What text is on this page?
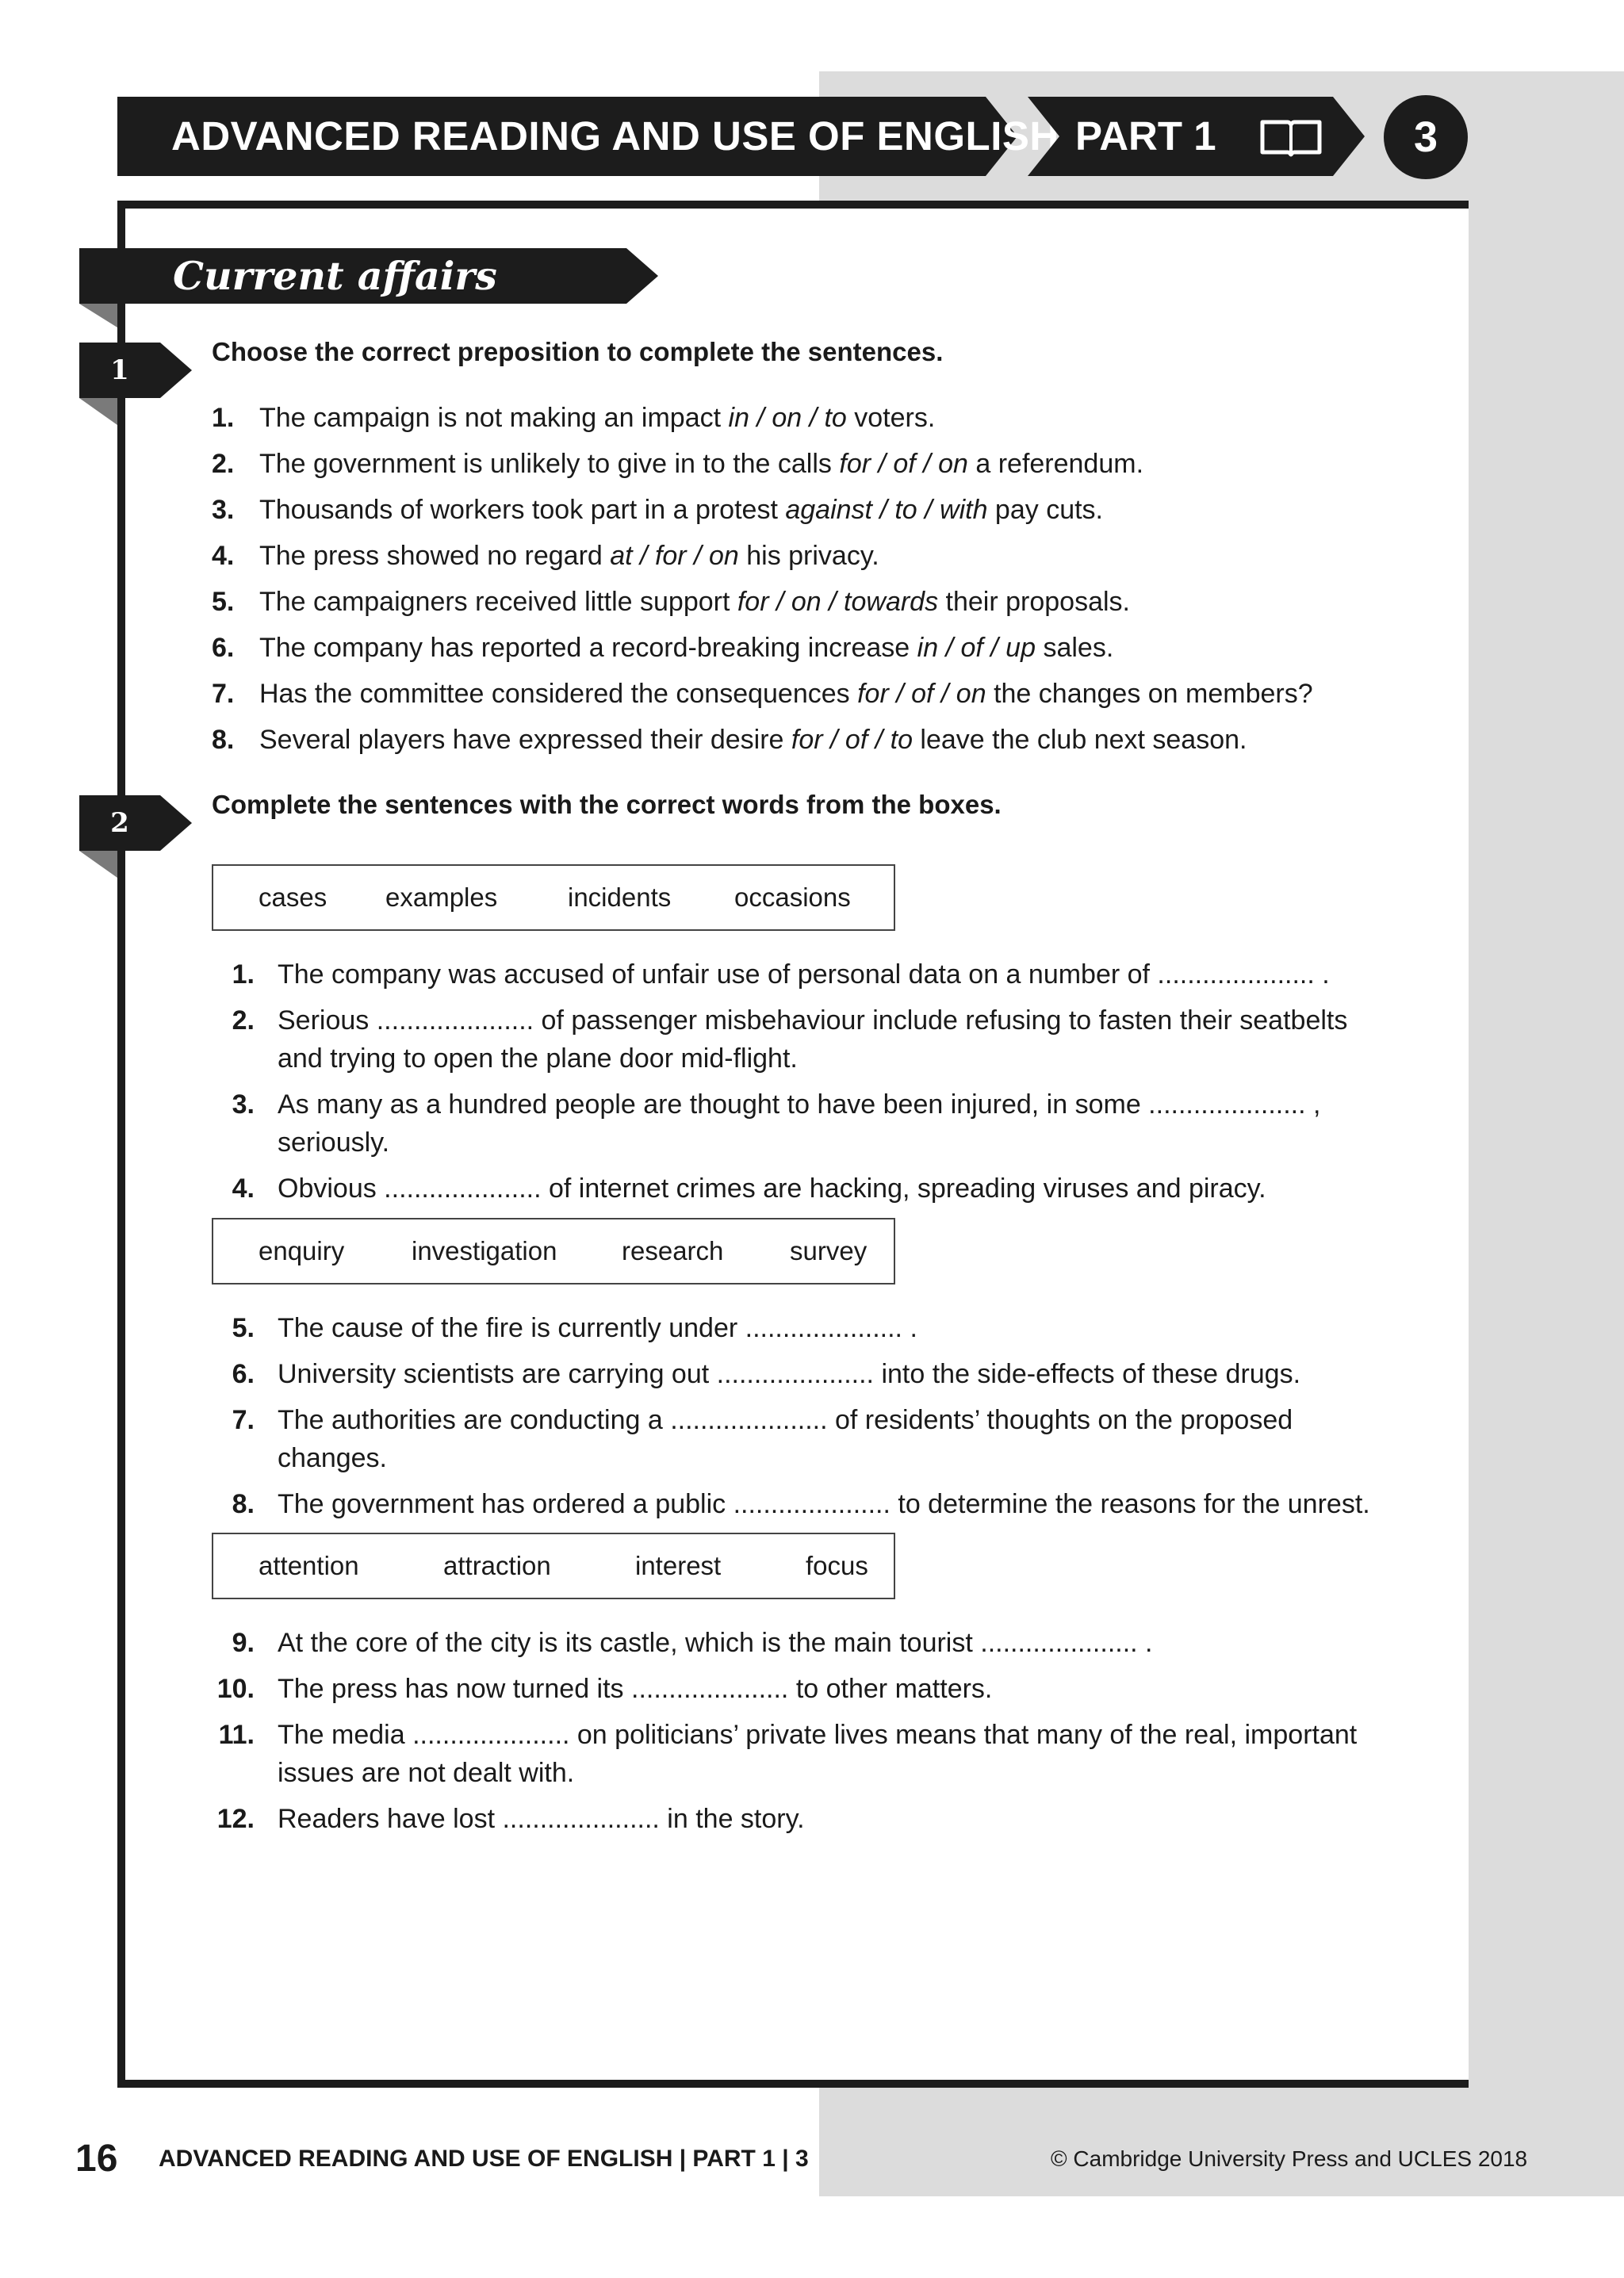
ADVANCED READING AND USE OF ENGLISH PART 1	3
Current affairs
1
Choose the correct preposition to complete the sentences.
1. The campaign is not making an impact in / on / to voters.
2. The government is unlikely to give in to the calls for / of / on a referendum.
3. Thousands of workers took part in a protest against / to / with pay cuts.
4. The press showed no regard at / for / on his privacy.
5. The campaigners received little support for / on / towards their proposals.
6. The company has reported a record-breaking increase in / of / up sales.
7. Has the committee considered the consequences for / of / on the changes on members?
8. Several players have expressed their desire for / of / to leave the club next season.
2
Complete the sentences with the correct words from the boxes.
cases examples	incidents occasions
1. The company was accused of unfair use of personal data on a number of ..................... .
2. Serious ..................... of passenger misbehaviour include refusing to fasten their seatbelts and trying to open the plane door mid-flight.
3. As many as a hundred people are thought to have been injured, in some ..................... , seriously.
4. Obvious ..................... of internet crimes are hacking, spreading viruses and piracy.
enquiry	investigation research	survey
5. The cause of the fire is currently under ..................... .
6. University scientists are carrying out ..................... into the side-effects of these drugs.
7. The authorities are conducting a ..................... of residents’ thoughts on the proposed changes.
8. The government has ordered a public ..................... to determine the reasons for the unrest.
attention	attraction	interest	focus
9. At the core of the city is its castle, which is the main tourist ..................... .
10. The press has now turned its ..................... to other matters.
11. The media ..................... on politicians’ private lives means that many of the real, important issues are not dealt with.
12. Readers have lost ..................... in the story.
16 ADVANCED READING AND USE OF ENGLISH | PART 1 | 3	© Cambridge University Press and UCLES 2018
